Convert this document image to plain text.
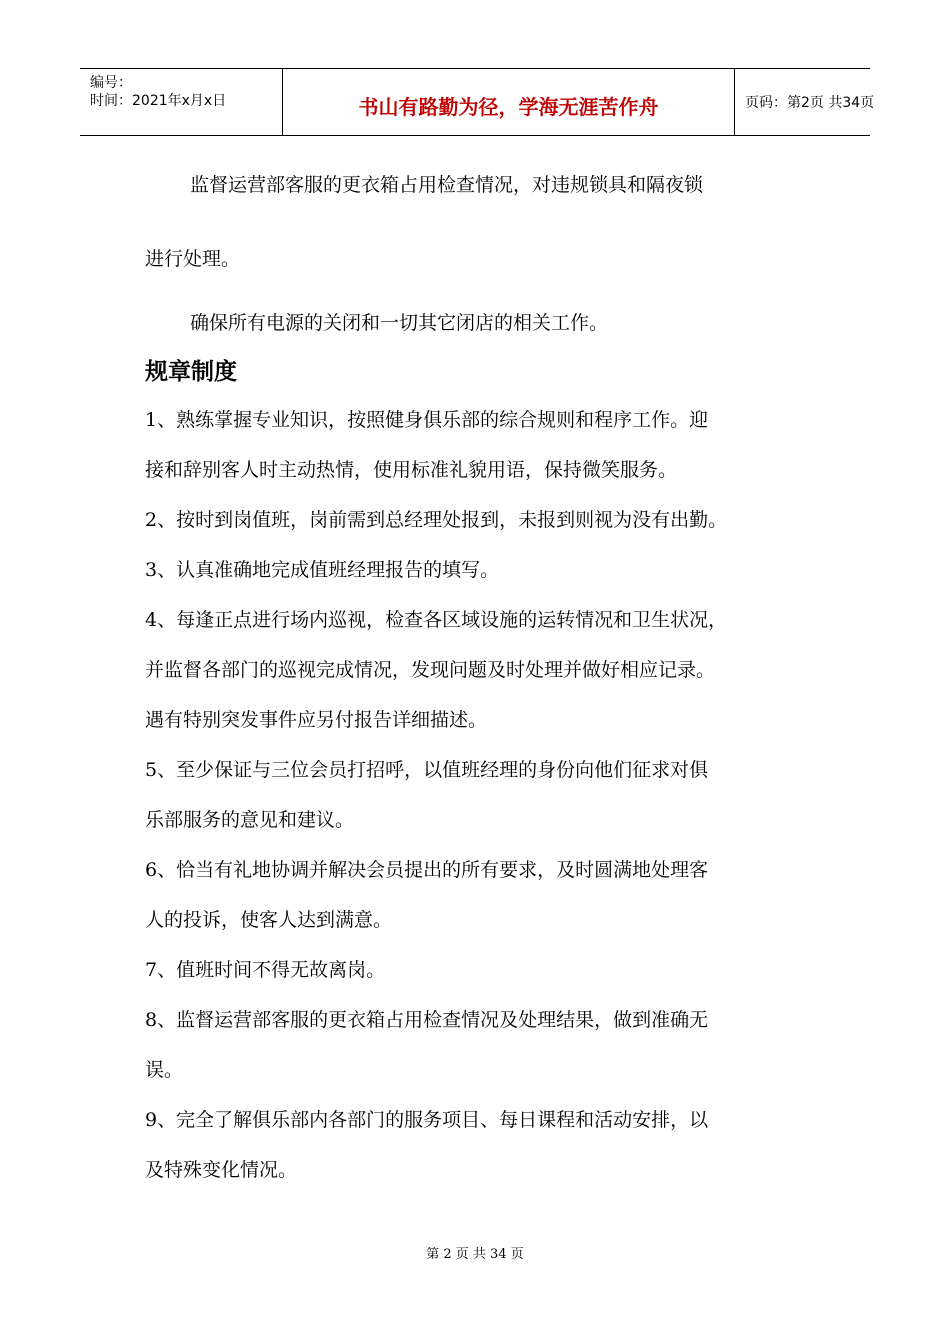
编号：
时间：2021年x月x日	书山有路勤为径，学海无涯苦作舟	页码：第2页 共34页
监督运营部客服的更衣箱占用检查情况，对违规锁具和隔夜锁
进行处理。
确保所有电源的关闭和一切其它闭店的相关工作。
规章制度
1、熟练掌握专业知识，按照健身俱乐部的综合规则和程序工作。迎
接和辞别客人时主动热情，使用标准礼貌用语，保持微笑服务。
2、按时到岗值班，岗前需到总经理处报到，未报到则视为没有出勤。
3、认真准确地完成值班经理报告的填写。
4、每逢正点进行场内巡视，检查各区域设施的运转情况和卫生状况，
并监督各部门的巡视完成情况，发现问题及时处理并做好相应记录。
遇有特别突发事件应另付报告详细描述。
5、至少保证与三位会员打招呼，以值班经理的身份向他们征求对俱
乐部服务的意见和建议。
6、恰当有礼地协调并解决会员提出的所有要求，及时圆满地处理客
人的投诉，使客人达到满意。
7、值班时间不得无故离岗。
8、监督运营部客服的更衣箱占用检查情况及处理结果，做到准确无
误。
9、完全了解俱乐部内各部门的服务项目、每日课程和活动安排，以
及特殊变化情况。
第 2 页 共 34 页
